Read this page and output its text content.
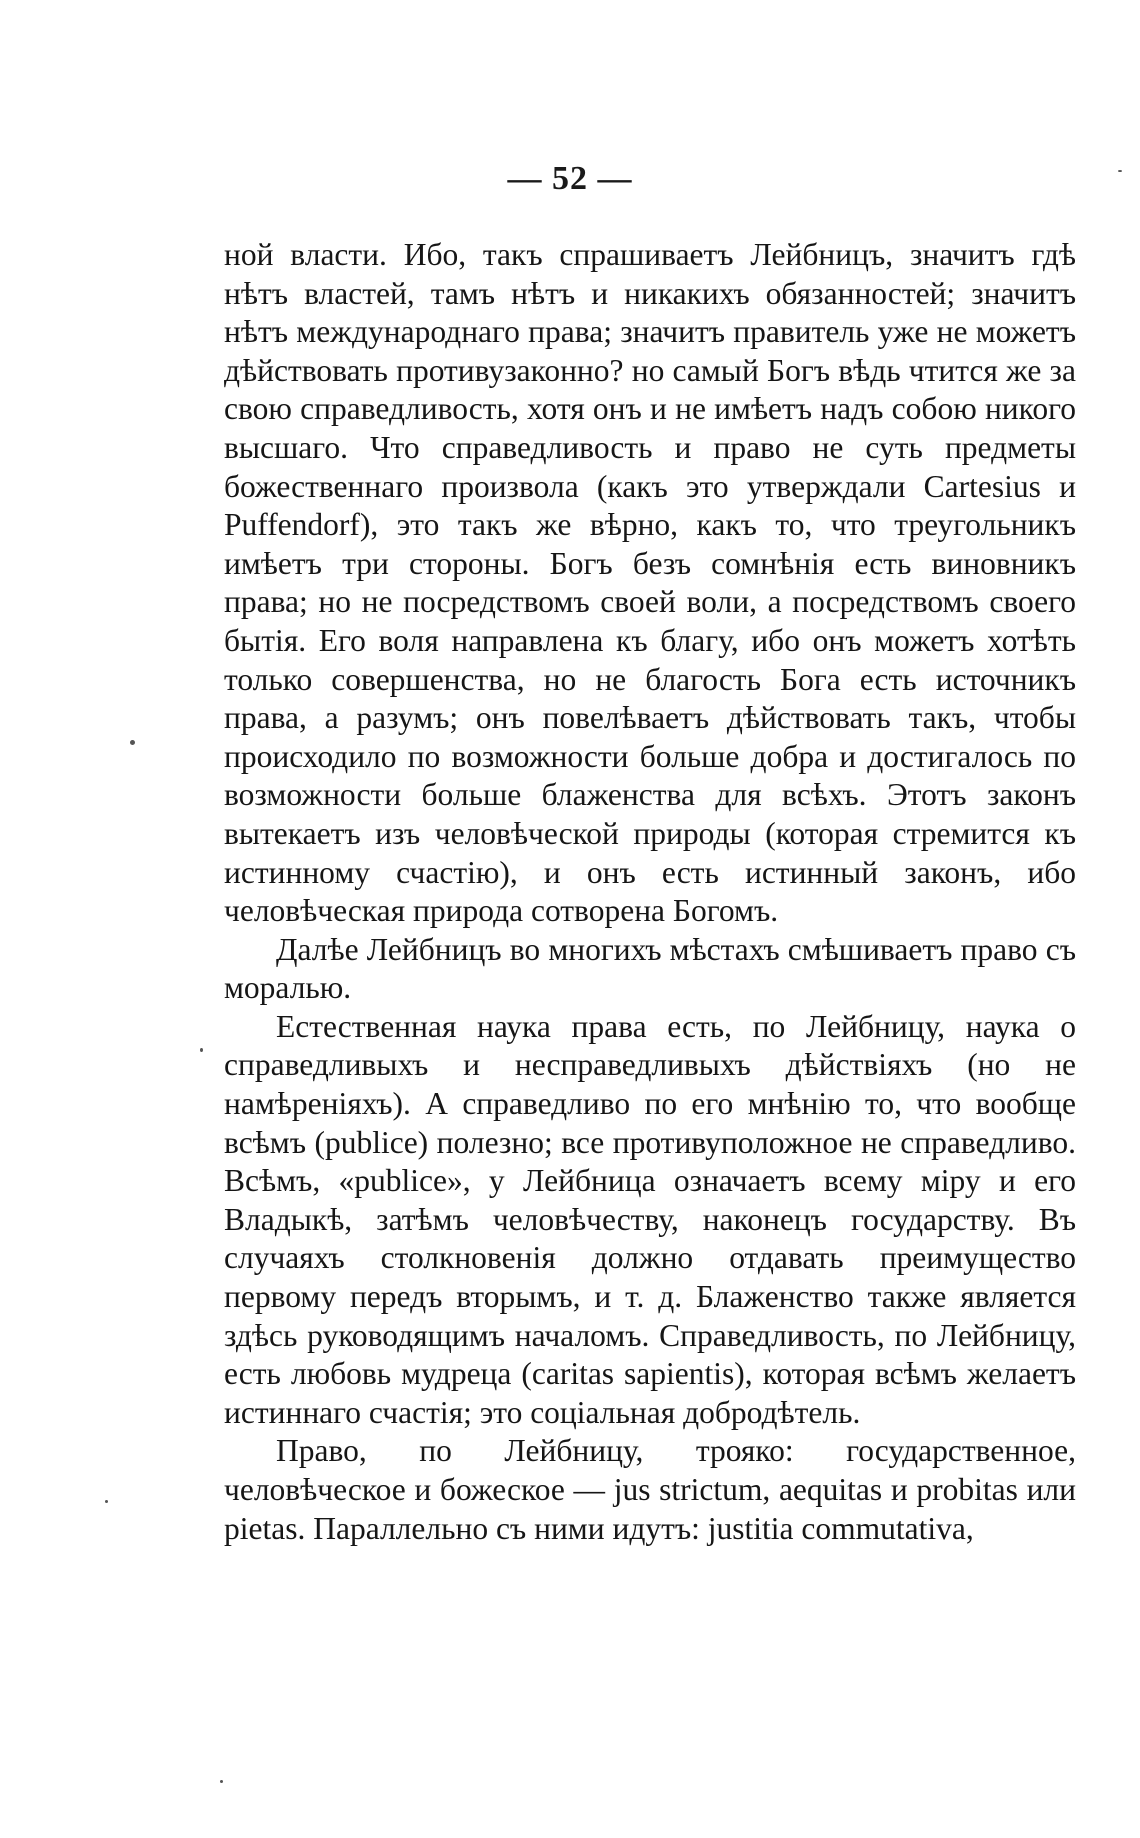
— 52 —

ной власти. Ибо, такъ спрашиваетъ Лейбницъ, значитъ гдѣ нѣтъ властей, тамъ нѣтъ и никакихъ обязанностей; значитъ нѣтъ международнаго права; значитъ правитель уже не можетъ дѣйствовать противузаконно? но самый Богъ вѣдь чтится же за свою справедливость, хотя онъ и не имѣетъ надъ собою никого высшаго. Что справедливость и право не суть предметы божественнаго произвола (какъ это утверждали Cartesius и Puffendorf), это такъ же вѣрно, какъ то, что треугольникъ имѣетъ три стороны. Богъ безъ сомнѣнія есть виновникъ права; но не посредствомъ своей воли, а посредствомъ своего бытія. Его воля направлена къ благу, ибо онъ можетъ хотѣть только совершенства, но не благость Бога есть источникъ права, а разумъ; онъ повелѣваетъ дѣйствовать такъ, чтобы происходило по возможности больше добра и достигалось по возможности больше блаженства для всѣхъ. Этотъ законъ вытекаетъ изъ человѣческой природы (которая стремится къ истинному счастію), и онъ есть истинный законъ, ибо человѣческая природа сотворена Богомъ.

Далѣе Лейбницъ во многихъ мѣстахъ смѣшиваетъ право съ моралью.

Естественная наука права есть, по Лейбницу, наука о справедливыхъ и несправедливыхъ дѣйствіяхъ (но не намѣреніяхъ). А справедливо по его мнѣнію то, что вообще всѣмъ (publice) полезно; все противуположное не справедливо. Всѣмъ, «publice», у Лейбница означаетъ всему міру и его Владыкѣ, затѣмъ человѣчеству, наконецъ государству. Въ случаяхъ столкновенія должно отдавать преимущество первому передъ вторымъ, и т. д. Блаженство также является здѣсь руководящимъ началомъ. Справедливость, по Лейбницу, есть любовь мудреца (caritas sapientis), которая всѣмъ желаетъ истиннаго счастія; это соціальная добродѣтель.

Право, по Лейбницу, трояко: государственное, человѣческое и божеское — jus strictum, aequitas и probitas или pietas. Параллельно съ ними идутъ: justitia commutativa,
